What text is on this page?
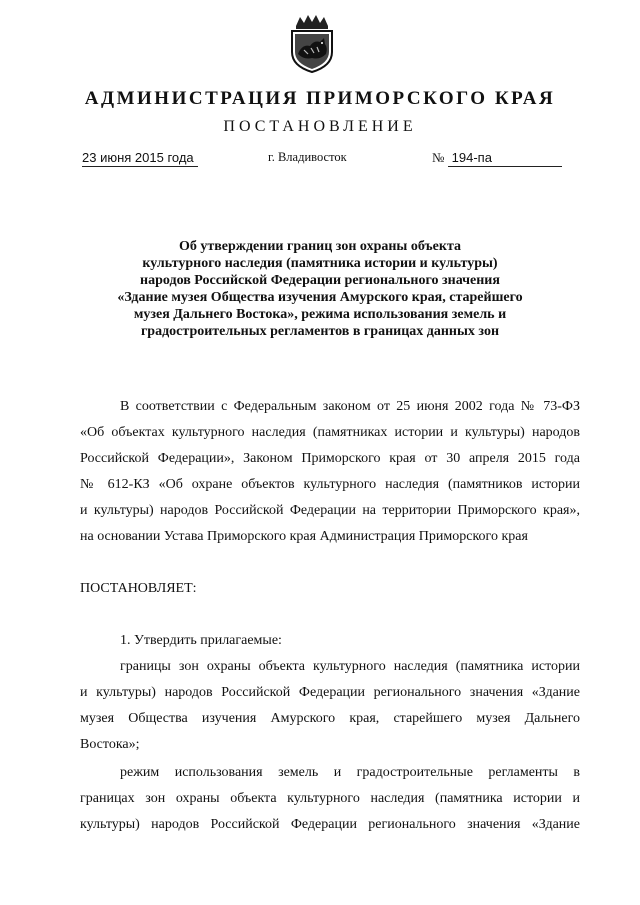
АДМИНИСТРАЦИЯ ПРИМОРСКОГО КРАЯ
ПОСТАНОВЛЕНИЕ
23 июня 2015 года	г. Владивосток	№ 194-па
Об утверждении границ зон охраны объекта
культурного наследия (памятника истории и культуры)
народов Российской Федерации регионального значения
«Здание музея Общества изучения Амурского края, старейшего
музея Дальнего Востока», режима использования земель и
градостроительных регламентов в границах данных зон
В соответствии с Федеральным законом от 25 июня 2002 года № 73-ФЗ
«Об объектах культурного наследия (памятниках истории и культуры) народов
Российской Федерации», Законом Приморского края от 30 апреля 2015 года
№ 612-КЗ «Об охране объектов культурного наследия (памятников истории
и культуры) народов Российской Федерации на территории Приморского края»,
на основании Устава Приморского края Администрация Приморского края
ПОСТАНОВЛЯЕТ:
1. Утвердить прилагаемые:
границы зон охраны объекта культурного наследия (памятника истории
и культуры) народов Российской Федерации регионального значения «Здание
музея Общества изучения Амурского края, старейшего музея Дальнего
Востока»;
режим использования земель и градостроительные регламенты в
границах зон охраны объекта культурного наследия (памятника истории и
культуры) народов Российской Федерации регионального значения «Здание
